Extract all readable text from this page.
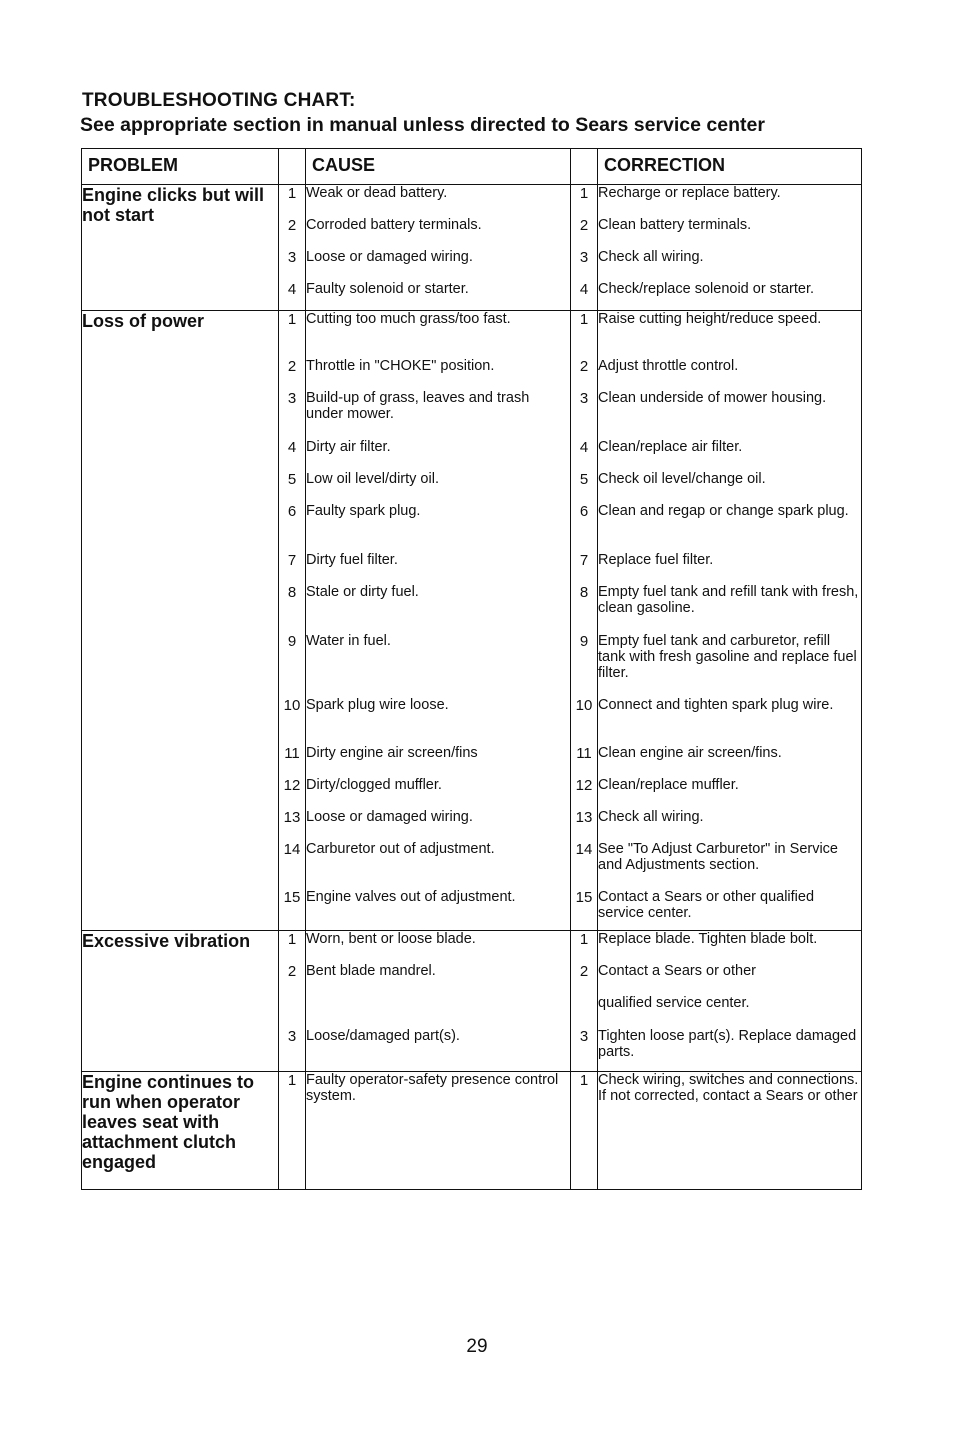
TROUBLESHOOTING CHART:
See appropriate section in manual unless directed to Sears service center
PROBLEM		CAUSE		CORRECTION
Engine clicks but will not start	1	Weak or dead battery.	1	Recharge or replace battery.
	2	Corroded battery terminals.	2	Clean battery terminals.
	3	Loose or damaged wiring.	3	Check all wiring.
	4	Faulty solenoid or starter.	4	Check/replace solenoid or starter.
Loss of power	1	Cutting too much grass/too fast.	1	Raise cutting height/reduce speed.
	2	Throttle in "CHOKE" position.	2	Adjust throttle control.
	3	Build-up of grass, leaves and trash under mower.	3	Clean underside of mower housing.
	4	Dirty air filter.	4	Clean/replace air filter.
	5	Low oil level/dirty oil.	5	Check oil level/change oil.
	6	Faulty spark plug.	6	Clean and regap or change spark plug.
	7	Dirty fuel filter.	7	Replace fuel filter.
	8	Stale or dirty fuel.	8	Empty fuel tank and refill tank with fresh, clean gasoline.
	9	Water in fuel.	9	Empty fuel tank and carburetor, refill tank with fresh gasoline and replace fuel filter.
	10	Spark plug wire loose.	10	Connect and tighten spark plug wire.
	11	Dirty engine air screen/fins	11	Clean engine air screen/fins.
	12	Dirty/clogged muffler.	12	Clean/replace muffler.
	13	Loose or damaged wiring.	13	Check all wiring.
	14	Carburetor out of adjustment.	14	See "To Adjust Carburetor" in Service and Adjustments section.
	15	Engine valves out of adjustment.	15	Contact a Sears or other qualified service center.
Excessive vibration	1	Worn, bent or loose blade.	1	Replace blade. Tighten blade bolt.
	2	Bent blade mandrel.	2	Contact a Sears or other
				qualified service center.
	3	Loose/damaged part(s).	3	Tighten loose part(s). Replace damaged parts.
Engine continues to run when operator leaves seat with attachment clutch engaged	1	Faulty operator-safety presence control system.	1	Check wiring, switches and connections. If not corrected, contact a Sears or other
29
